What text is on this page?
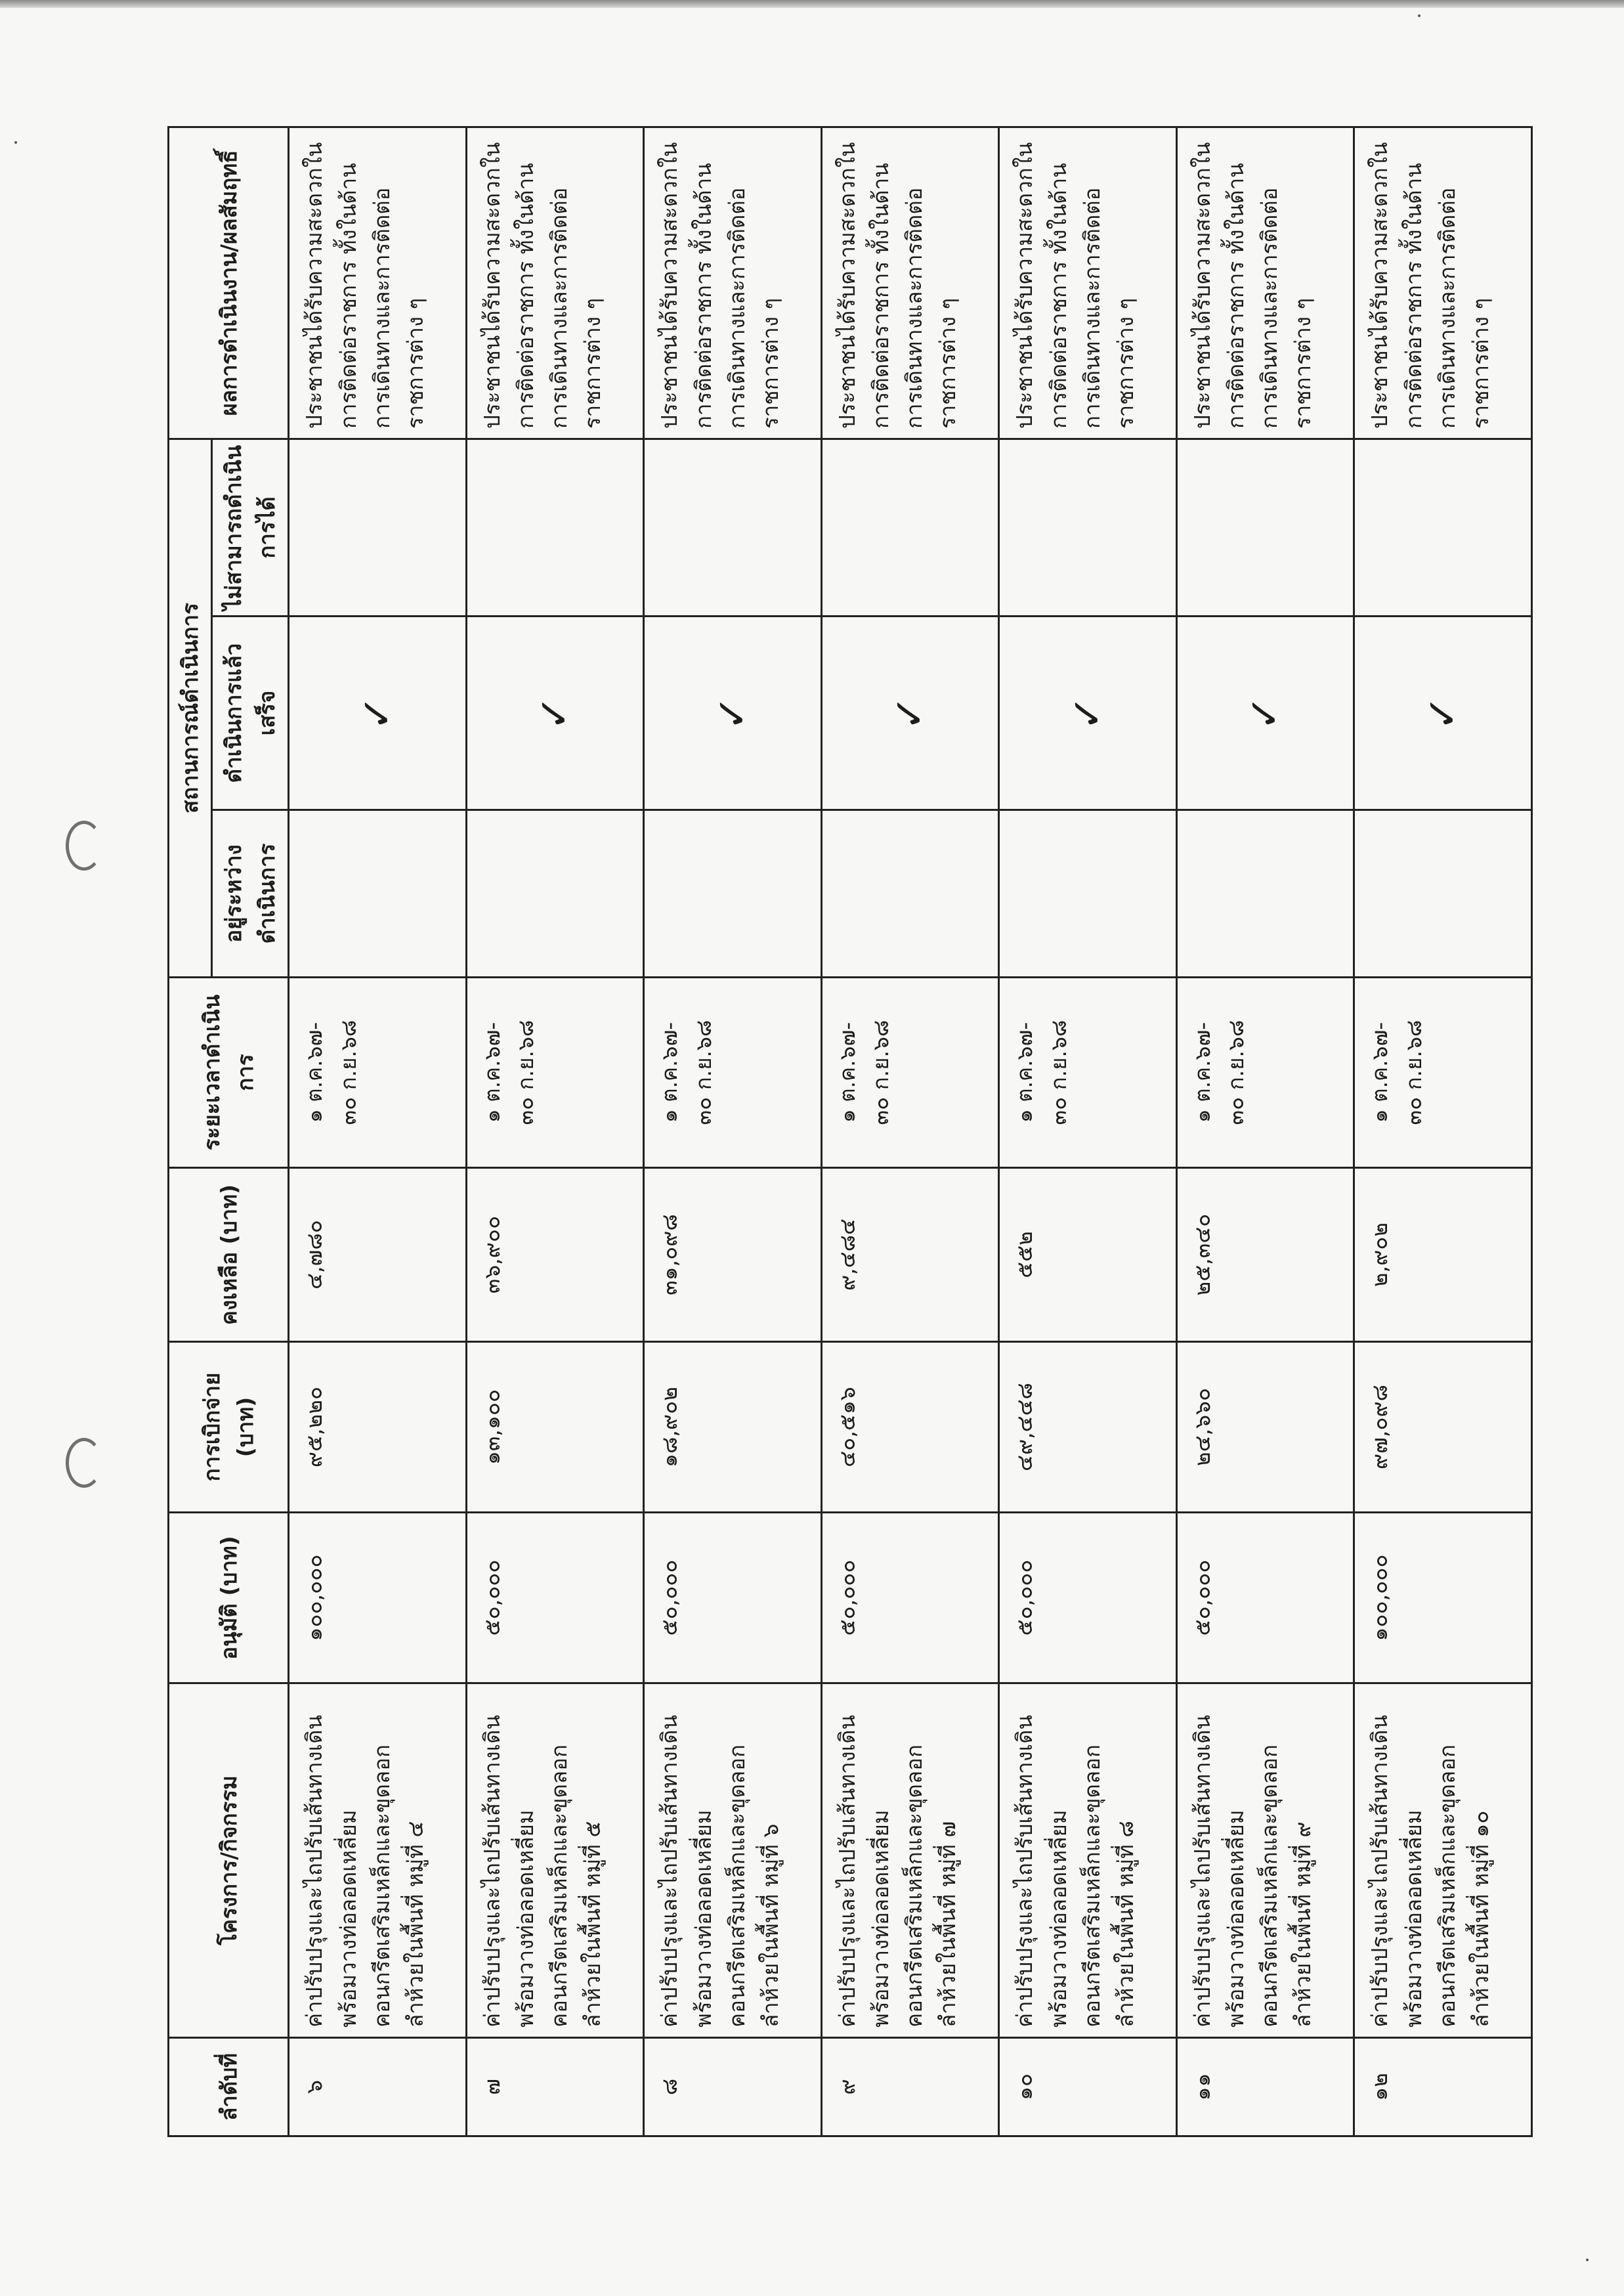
ลำดับที่	โครงการ/กิจกรรม	อนุมัติ (บาท)	การเบิกจ่าย (บาท)	คงเหลือ (บาท)	ระยะเวลาดำเนินการ	สถานการณ์ดำเนินการ			ผลการดำเนินงาน/ผลสัมฤทธิ์
						อยู่ระหว่างดำเนินการ	ดำเนินการแล้วเสร็จ	ไม่สามารถดำเนินการได้	
๖	ค่าปรับปรุงและไถปรับเส้นทางเดินพร้อมวางท่อลอดเหลี่ยมคอนกรีตเสริมเหล็กและขุดลอกลำห้วยในพื้นที่ หมู่ที่ ๔	๑๐๐,๐๐๐	๙๕,๒๒๐	๔,๗๘๐	๑ ต.ค.๖๗- ๓๐ ก.ย.๖๘		✓		ประชาชนได้รับความสะดวกในการติดต่อราชการ ทั้งในด้านการเดินทางและการติดต่อราชการต่าง ๆ
๗	ค่าปรับปรุงและไถปรับเส้นทางเดินพร้อมวางท่อลอดเหลี่ยมคอนกรีตเสริมเหล็กและขุดลอกลำห้วยในพื้นที่ หมู่ที่ ๕	๕๐,๐๐๐	๑๓,๑๐๐	๓๖,๙๐๐	๑ ต.ค.๖๗- ๓๐ ก.ย.๖๘		✓		ประชาชนได้รับความสะดวกในการติดต่อราชการ ทั้งในด้านการเดินทางและการติดต่อราชการต่าง ๆ
๘	ค่าปรับปรุงและไถปรับเส้นทางเดินพร้อมวางท่อลอดเหลี่ยมคอนกรีตเสริมเหล็กและขุดลอกลำห้วยในพื้นที่ หมู่ที่ ๖	๕๐,๐๐๐	๑๘,๙๐๒	๓๑,๐๙๘	๑ ต.ค.๖๗- ๓๐ ก.ย.๖๘		✓		ประชาชนได้รับความสะดวกในการติดต่อราชการ ทั้งในด้านการเดินทางและการติดต่อราชการต่าง ๆ
๙	ค่าปรับปรุงและไถปรับเส้นทางเดินพร้อมวางท่อลอดเหลี่ยมคอนกรีตเสริมเหล็กและขุดลอกลำห้วยในพื้นที่ หมู่ที่ ๗	๕๐,๐๐๐	๔๐,๕๑๖	๙,๔๘๔	๑ ต.ค.๖๗- ๓๐ ก.ย.๖๘		✓		ประชาชนได้รับความสะดวกในการติดต่อราชการ ทั้งในด้านการเดินทางและการติดต่อราชการต่าง ๆ
๑๐	ค่าปรับปรุงและไถปรับเส้นทางเดินพร้อมวางท่อลอดเหลี่ยมคอนกรีตเสริมเหล็กและขุดลอกลำห้วยในพื้นที่ หมู่ที่ ๘	๕๐,๐๐๐	๔๙,๔๔๘	๕๕๒	๑ ต.ค.๖๗- ๓๐ ก.ย.๖๘		✓		ประชาชนได้รับความสะดวกในการติดต่อราชการ ทั้งในด้านการเดินทางและการติดต่อราชการต่าง ๆ
๑๑	ค่าปรับปรุงและไถปรับเส้นทางเดินพร้อมวางท่อลอดเหลี่ยมคอนกรีตเสริมเหล็กและขุดลอกลำห้วยในพื้นที่ หมู่ที่ ๙	๕๐,๐๐๐	๒๔,๖๖๐	๒๕,๓๔๐	๑ ต.ค.๖๗- ๓๐ ก.ย.๖๘		✓		ประชาชนได้รับความสะดวกในการติดต่อราชการ ทั้งในด้านการเดินทางและการติดต่อราชการต่าง ๆ
๑๒	ค่าปรับปรุงและไถปรับเส้นทางเดินพร้อมวางท่อลอดเหลี่ยมคอนกรีตเสริมเหล็กและขุดลอกลำห้วยในพื้นที่ หมู่ที่ ๑๐	๑๐๐,๐๐๐	๙๗,๐๙๘	๒,๙๐๒	๑ ต.ค.๖๗- ๓๐ ก.ย.๖๘		✓		ประชาชนได้รับความสะดวกในการติดต่อราชการ ทั้งในด้านการเดินทางและการติดต่อราชการต่าง ๆ
